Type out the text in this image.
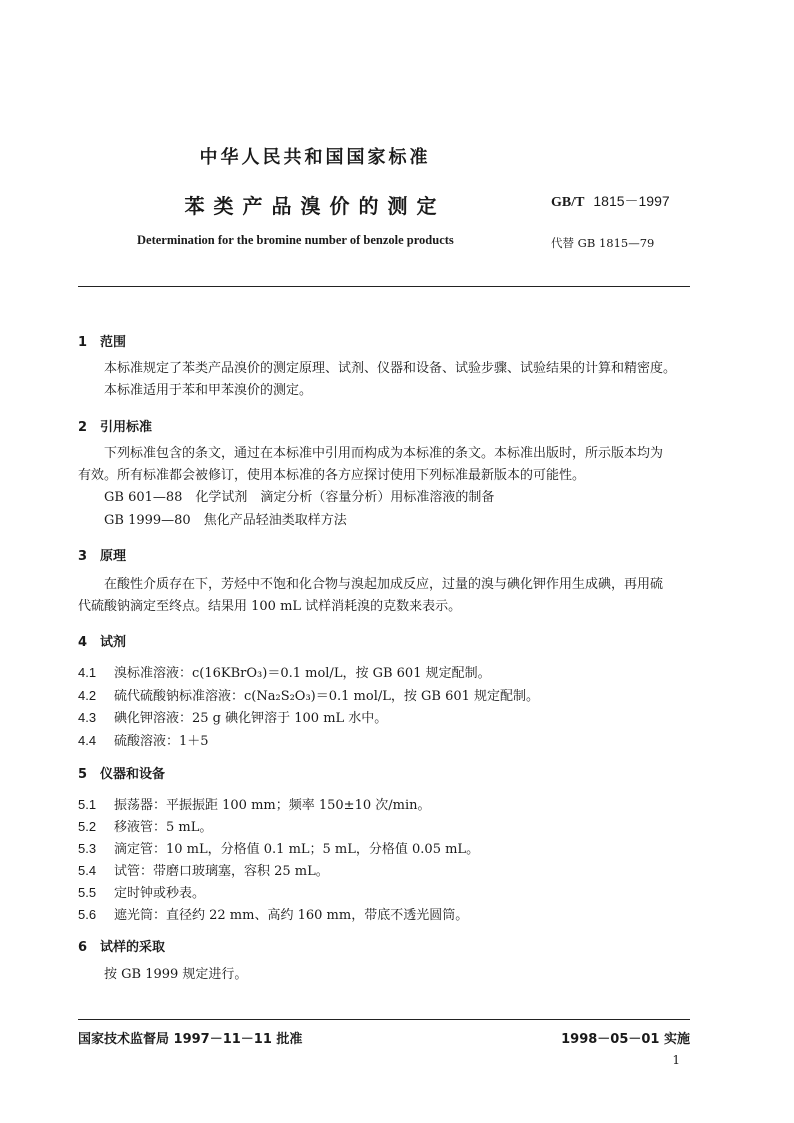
中华人民共和国国家标准
苯类产品溴价的测定	GB/T 1815－1997
Determination for the bromine number of benzole products	代替 GB 1815—79
1 范围
本标准规定了苯类产品溴价的测定原理、试剂、仪器和设备、试验步骤、试验结果的计算和精密度。
本标准适用于苯和甲苯溴价的测定。
2 引用标准
下列标准包含的条文，通过在本标准中引用而构成为本标准的条文。本标准出版时，所示版本均为
有效。所有标准都会被修订，使用本标准的各方应探讨使用下列标准最新版本的可能性。
GB 601—88　化学试剂　滴定分析（容量分析）用标准溶液的制备
GB 1999—80　焦化产品轻油类取样方法
3 原理
在酸性介质存在下，芳烃中不饱和化合物与溴起加成反应，过量的溴与碘化钾作用生成碘，再用硫
代硫酸钠滴定至终点。结果用 100 mL 试样消耗溴的克数来表示。
4 试剂
4.1 溴标准溶液：c(16KBrO₃)＝0.1 mol/L，按 GB 601 规定配制。
4.2 硫代硫酸钠标准溶液：c(Na₂S₂O₃)＝0.1 mol/L，按 GB 601 规定配制。
4.3 碘化钾溶液：25 g 碘化钾溶于 100 mL 水中。
4.4 硫酸溶液：1＋5
5 仪器和设备
5.1 振荡器：平振振距 100 mm；频率 150±10 次/min。
5.2 移液管：5 mL。
5.3 滴定管：10 mL，分格值 0.1 mL；5 mL，分格值 0.05 mL。
5.4 试管：带磨口玻璃塞，容积 25 mL。
5.5 定时钟或秒表。
5.6 遮光筒：直径约 22 mm、高约 160 mm，带底不透光圆筒。
6 试样的采取
按 GB 1999 规定进行。
国家技术监督局 1997－11－11 批准	1998－05－01 实施
1
